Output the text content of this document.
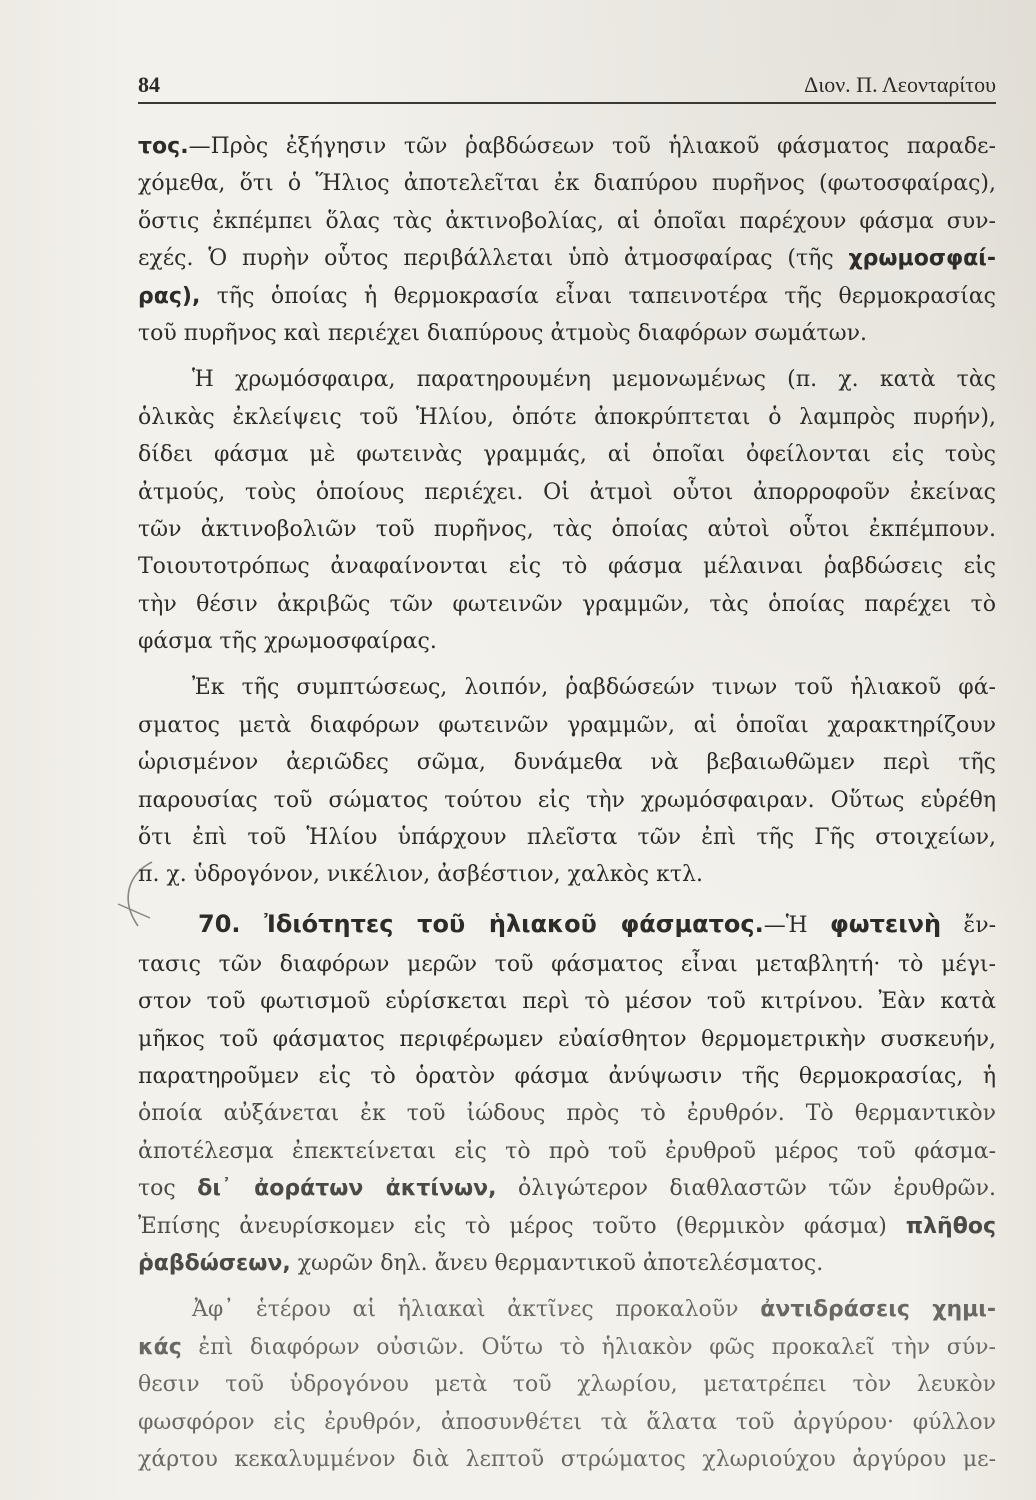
84	Διον. Π. Λεονταρίτου
τος.—Πρὸς ἐξήγησιν τῶν ῥαβδώσεων τοῦ ἡλιακοῦ φάσματος παραδε-
χόμεθα, ὅτι ὁ Ἥλιος ἀποτελεῖται ἐκ διαπύρου πυρῆνος (φωτοσφαίρας),
ὅστις ἐκπέμπει ὅλας τὰς ἀκτινοβολίας, αἱ ὁποῖαι παρέχουν φάσμα συν-
εχές. Ὁ πυρὴν οὗτος περιβάλλεται ὑπὸ ἀτμοσφαίρας (τῆς χρωμοσφαί-
ρας), τῆς ὁποίας ἡ θερμοκρασία εἶναι ταπεινοτέρα τῆς θερμοκρασίας
τοῦ πυρῆνος καὶ περιέχει διαπύρους ἀτμοὺς διαφόρων σωμάτων.
Ἡ χρωμόσφαιρα, παρατηρουμένη μεμονωμένως (π. χ. κατὰ τὰς
ὁλικὰς ἐκλείψεις τοῦ Ἡλίου, ὁπότε ἀποκρύπτεται ὁ λαμπρὸς πυρήν),
δίδει φάσμα μὲ φωτεινὰς γραμμάς, αἱ ὁποῖαι ὀφείλονται εἰς τοὺς
ἀτμούς, τοὺς ὁποίους περιέχει. Οἱ ἀτμοὶ οὗτοι ἀπορροφοῦν ἐκείνας
τῶν ἀκτινοβολιῶν τοῦ πυρῆνος, τὰς ὁποίας αὐτοὶ οὗτοι ἐκπέμπουν.
Τοιουτοτρόπως ἀναφαίνονται εἰς τὸ φάσμα μέλαιναι ῥαβδώσεις εἰς
τὴν θέσιν ἀκριβῶς τῶν φωτεινῶν γραμμῶν, τὰς ὁποίας παρέχει τὸ
φάσμα τῆς χρωμοσφαίρας.
Ἐκ τῆς συμπτώσεως, λοιπόν, ῥαβδώσεών τινων τοῦ ἡλιακοῦ φά-
σματος μετὰ διαφόρων φωτεινῶν γραμμῶν, αἱ ὁποῖαι χαρακτηρίζουν
ὡρισμένον ἀεριῶδες σῶμα, δυνάμεθα νὰ βεβαιωθῶμεν περὶ τῆς
παρουσίας τοῦ σώματος τούτου εἰς τὴν χρωμόσφαιραν. Οὕτως εὑρέθη
ὅτι ἐπὶ τοῦ Ἡλίου ὑπάρχουν πλεῖστα τῶν ἐπὶ τῆς Γῆς στοιχείων,
π. χ. ὑδρογόνον, νικέλιον, ἀσβέστιον, χαλκὸς κτλ.
70. Ἰδιότητες τοῦ ἡλιακοῦ φάσματος.—Ἡ φωτεινὴ ἔν-
τασις τῶν διαφόρων μερῶν τοῦ φάσματος εἶναι μεταβλητή· τὸ μέγι-
στον τοῦ φωτισμοῦ εὑρίσκεται περὶ τὸ μέσον τοῦ κιτρίνου. Ἐὰν κατὰ
μῆκος τοῦ φάσματος περιφέρωμεν εὐαίσθητον θερμομετρικὴν συσκευήν,
παρατηροῦμεν εἰς τὸ ὁρατὸν φάσμα ἀνύψωσιν τῆς θερμοκρασίας, ἡ
ὁποία αὐξάνεται ἐκ τοῦ ἰώδους πρὸς τὸ ἐρυθρόν. Τὸ θερμαντικὸν
ἀποτέλεσμα ἐπεκτείνεται εἰς τὸ πρὸ τοῦ ἐρυθροῦ μέρος τοῦ φάσμα-
τος δι᾽ ἀοράτων ἀκτίνων, ὀλιγώτερον διαθλαστῶν τῶν ἐρυθρῶν.
Ἐπίσης ἀνευρίσκομεν εἰς τὸ μέρος τοῦτο (θερμικὸν φάσμα) πλῆθος
ῥαβδώσεων, χωρῶν δηλ. ἄνευ θερμαντικοῦ ἀποτελέσματος.
Ἀφ᾽ ἑτέρου αἱ ἡλιακαὶ ἀκτῖνες προκαλοῦν ἀντιδράσεις χημι-
κάς ἐπὶ διαφόρων οὐσιῶν. Οὕτω τὸ ἡλιακὸν φῶς προκαλεῖ τὴν σύν-
θεσιν τοῦ ὑδρογόνου μετὰ τοῦ χλωρίου, μετατρέπει τὸν λευκὸν
φωσφόρον εἰς ἐρυθρόν, ἀποσυνθέτει τὰ ἅλατα τοῦ ἀργύρου· φύλλον
χάρτου κεκαλυμμένον διὰ λεπτοῦ στρώματος χλωριούχου ἀργύρου με-
